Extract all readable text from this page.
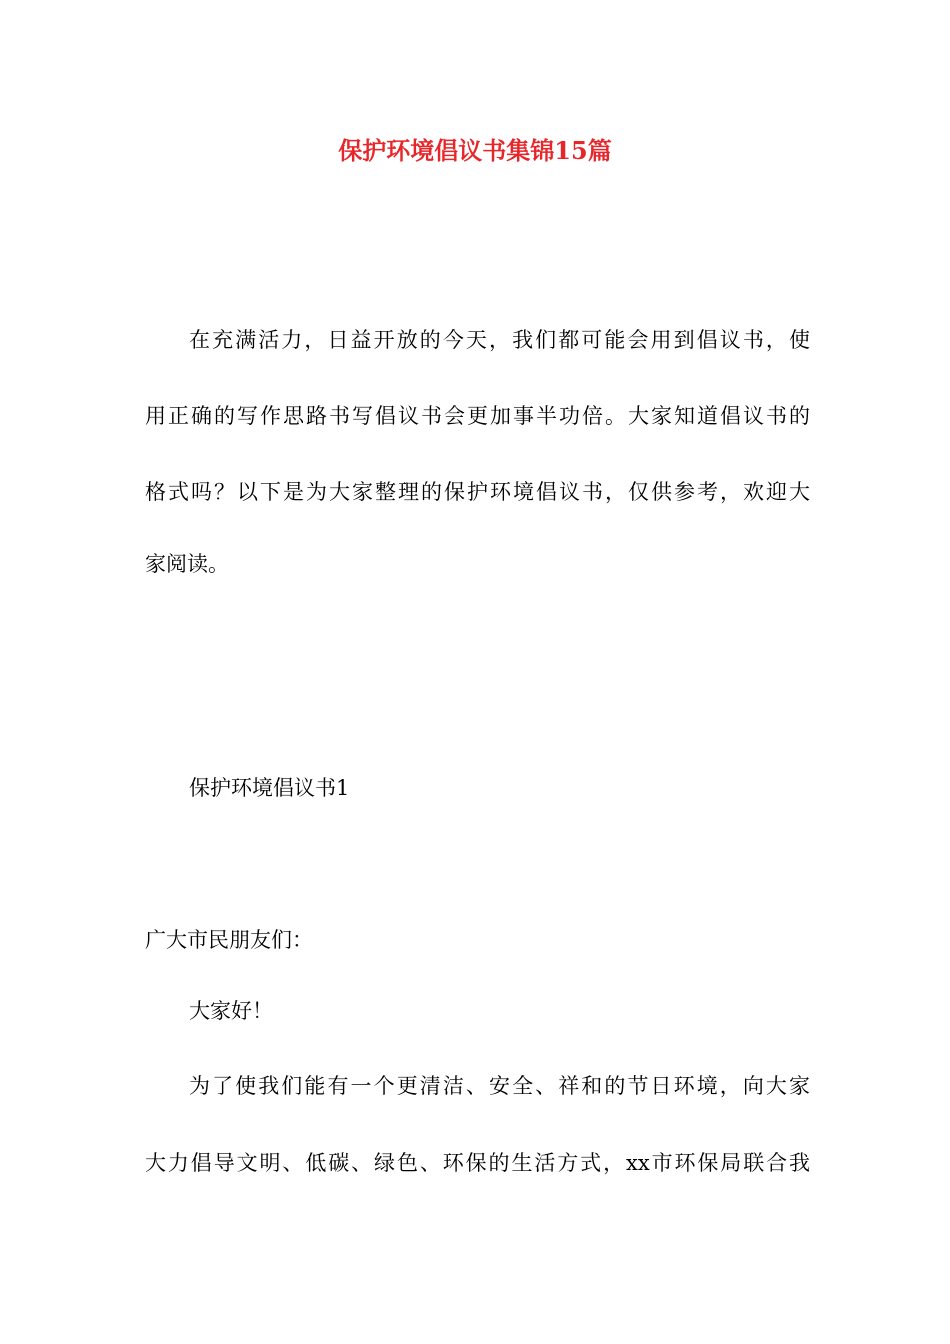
保护环境倡议书集锦15篇

在充满活力，日益开放的今天，我们都可能会用到倡议书，使

用正确的写作思路书写倡议书会更加事半功倍。大家知道倡议书的

格式吗？以下是为大家整理的保护环境倡议书，仅供参考，欢迎大

家阅读。

保护环境倡议书1

广大市民朋友们：

大家好！

为了使我们能有一个更清洁、安全、祥和的节日环境，向大家

大力倡导文明、低碳、绿色、环保的生活方式，xx市环保局联合我
